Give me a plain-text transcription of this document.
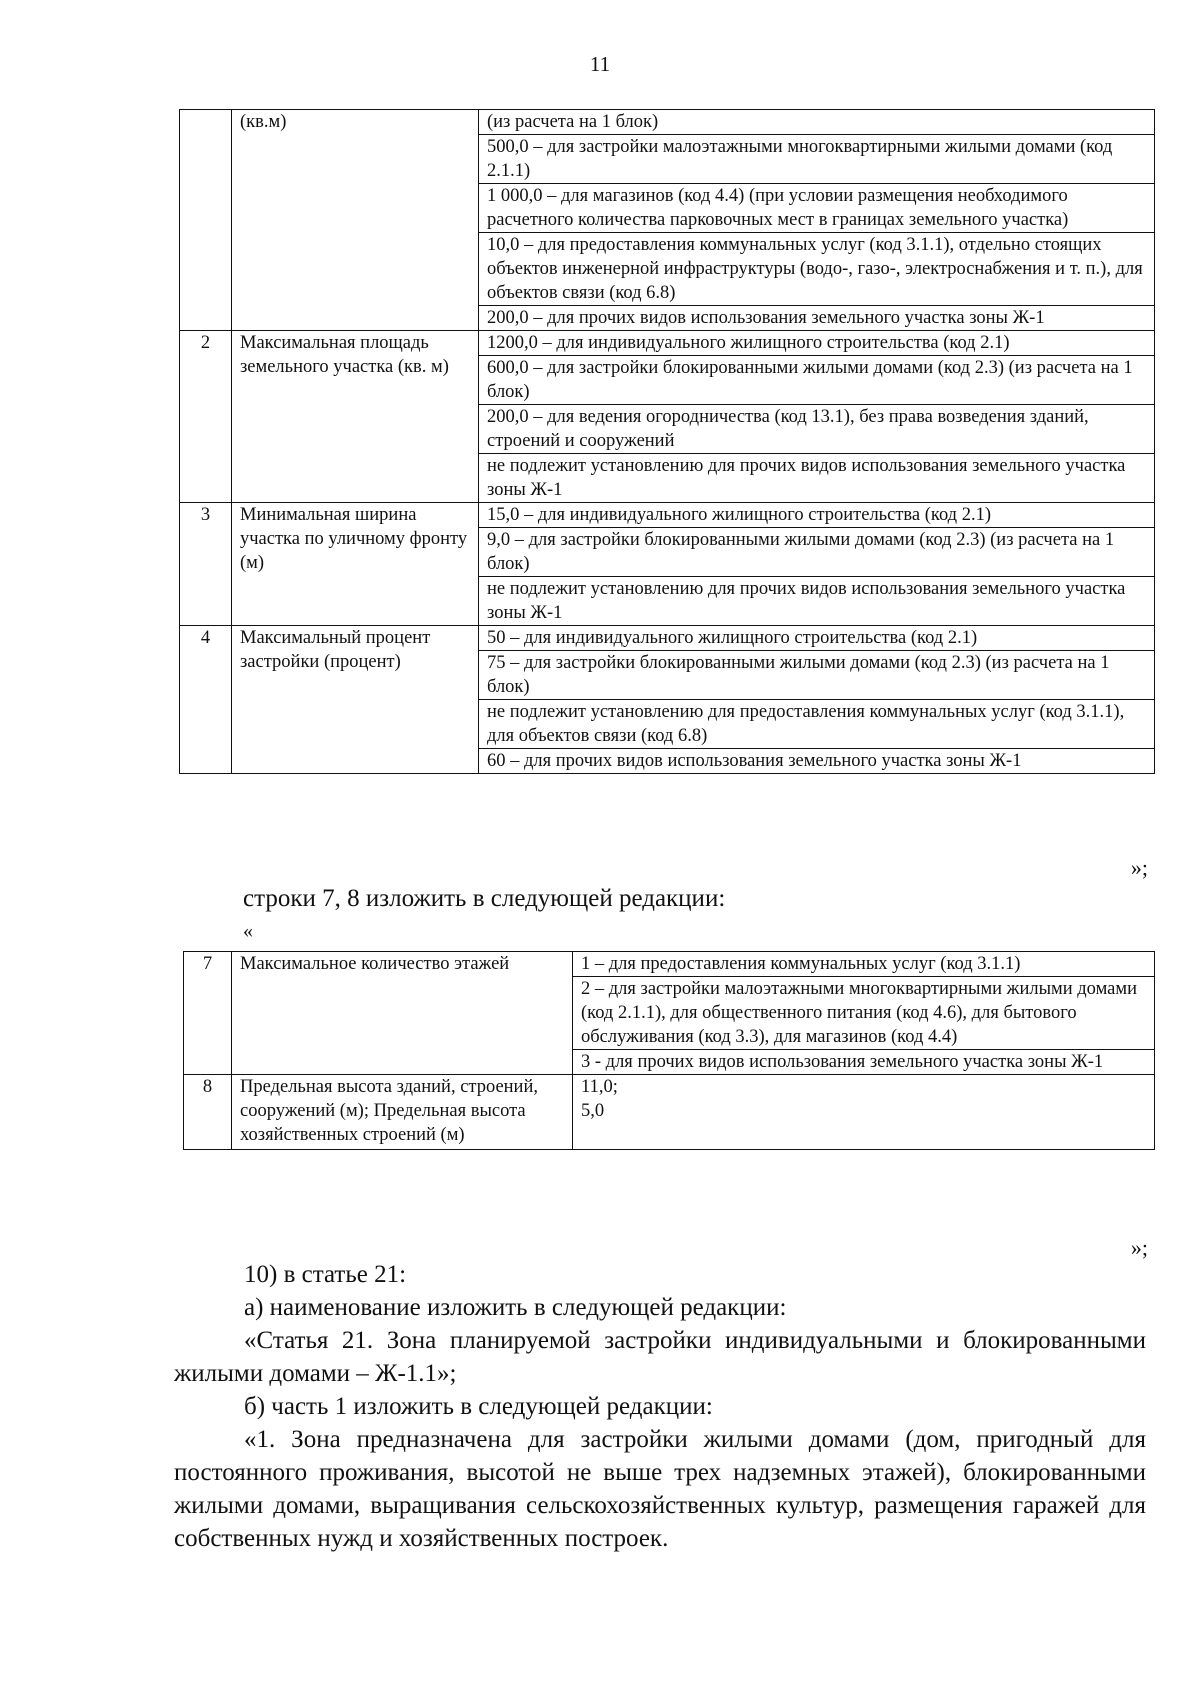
11
	(кв.м)	(из расчета на 1 блок)
		500,0 – для застройки малоэтажными многоквартирными жилыми домами (код 2.1.1)
		1 000,0 – для магазинов (код 4.4) (при условии размещения необходимого расчетного количества парковочных мест в границах земельного участка)
		10,0 – для предоставления коммунальных услуг (код 3.1.1), отдельно стоящих объектов инженерной инфраструктуры (водо-, газо-, электроснабжения и т. п.), для объектов связи (код 6.8)
		200,0 – для прочих видов использования земельного участка зоны Ж-1
2	Максимальная площадь земельного участка (кв. м)	1200,0 – для индивидуального жилищного строительства (код 2.1)
		600,0 – для застройки блокированными жилыми домами (код 2.3) (из расчета на 1 блок)
		200,0 – для ведения огородничества (код 13.1), без права возведения зданий, строений и сооружений
		не подлежит установлению для прочих видов использования земельного участка зоны Ж-1
3	Минимальная ширина участка по уличному фронту (м)	15,0 – для индивидуального жилищного строительства (код 2.1)
		9,0 – для застройки блокированными жилыми домами (код 2.3) (из расчета на 1 блок)
		не подлежит установлению для прочих видов использования земельного участка зоны Ж-1
4	Максимальный процент застройки (процент)	50 – для индивидуального жилищного строительства (код 2.1)
		75 – для застройки блокированными жилыми домами (код 2.3) (из расчета на 1 блок)
		не подлежит установлению для предоставления коммунальных услуг (код 3.1.1), для объектов связи (код 6.8)
		60 – для прочих видов использования земельного участка зоны Ж-1
»;
строки 7, 8 изложить в следующей редакции:
«
7	Максимальное количество этажей	1 – для предоставления коммунальных услуг (код 3.1.1)
		2 – для застройки малоэтажными многоквартирными жилыми домами (код 2.1.1), для общественного питания (код 4.6), для бытового обслуживания (код 3.3), для магазинов (код 4.4)
		3 - для прочих видов использования земельного участка зоны Ж-1
8	Предельная высота зданий, строений, сооружений (м); Предельная высота хозяйственных строений (м)	11,0;
5,0
»;

10) в статье 21:

а) наименование изложить в следующей редакции:

«Статья 21. Зона планируемой застройки индивидуальными и блокированными жилыми домами – Ж-1.1»;

б) часть 1 изложить в следующей редакции:

«1. Зона предназначена для застройки жилыми домами (дом, пригодный для постоянного проживания, высотой не выше трех надземных этажей), блокированными жилыми домами, выращивания сельскохозяйственных культур, размещения гаражей для собственных нужд и хозяйственных построек.
